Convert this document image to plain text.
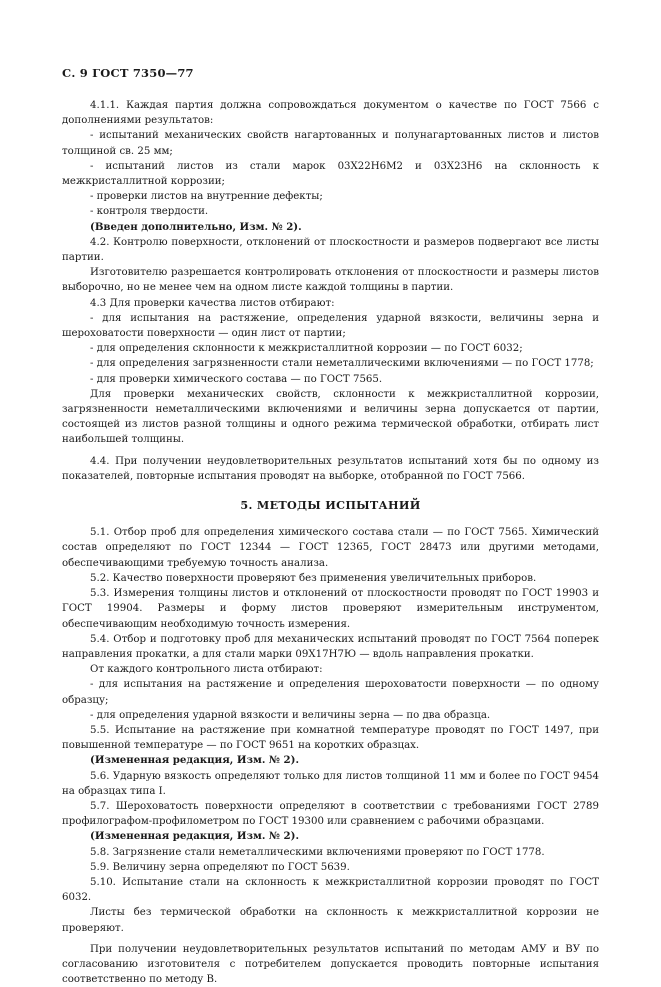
С. 9 ГОСТ 7350—77

4.1.1. Каждая партия должна сопровождаться документом о качестве по ГОСТ 7566 с дополнениями результатов:

- испытаний механических свойств нагартованных и полунагартованных листов и листов толщиной св. 25 мм;

- испытаний листов из стали марок 03Х22Н6М2 и 03Х23Н6 на склонность к межкристаллитной коррозии;

- проверки листов на внутренние дефекты;

- контроля твердости.

(Введен дополнительно, Изм. № 2).

4.2. Контролю поверхности, отклонений от плоскостности и размеров подвергают все листы партии.

Изготовителю разрешается контролировать отклонения от плоскостности и размеры листов выборочно, но не менее чем на одном листе каждой толщины в партии.

4.3 Для проверки качества листов отбирают:

- для испытания на растяжение, определения ударной вязкости, величины зерна и шероховатости поверхности — один лист от партии;

- для определения склонности к межкристаллитной коррозии — по ГОСТ 6032;

- для определения загрязненности стали неметаллическими включениями — по ГОСТ 1778;

- для проверки химического состава — по ГОСТ 7565.

Для проверки механических свойств, склонности к межкристаллитной коррозии, загрязненности неметаллическими включениями и величины зерна допускается от партии, состоящей из листов разной толщины и одного режима термической обработки, отбирать лист наибольшей толщины.

4.4. При получении неудовлетворительных результатов испытаний хотя бы по одному из показателей, повторные испытания проводят на выборке, отобранной по ГОСТ 7566.

5. МЕТОДЫ ИСПЫТАНИЙ

5.1. Отбор проб для определения химического состава стали — по ГОСТ 7565. Химический состав определяют по ГОСТ 12344 — ГОСТ 12365, ГОСТ 28473 или другими методами, обеспечивающими требуемую точность анализа.

5.2. Качество поверхности проверяют без применения увеличительных приборов.

5.3. Измерения толщины листов и отклонений от плоскостности проводят по ГОСТ 19903 и ГОСТ 19904. Размеры и форму листов проверяют измерительным инструментом, обеспечивающим необходимую точность измерения.

5.4. Отбор и подготовку проб для механических испытаний проводят по ГОСТ 7564 поперек направления прокатки, а для стали марки 09Х17Н7Ю — вдоль направления прокатки.

От каждого контрольного листа отбирают:

- для испытания на растяжение и определения шероховатости поверхности — по одному образцу;

- для определения ударной вязкости и величины зерна — по два образца.

5.5. Испытание на растяжение при комнатной температуре проводят по ГОСТ 1497, при повышенной температуре — по ГОСТ 9651 на коротких образцах.

(Измененная редакция, Изм. № 2).

5.6. Ударную вязкость определяют только для листов толщиной 11 мм и более по ГОСТ 9454 на образцах типа I.

5.7. Шероховатость поверхности определяют в соответствии с требованиями ГОСТ 2789 профилографом-профилометром по ГОСТ 19300 или сравнением с рабочими образцами.

(Измененная редакция, Изм. № 2).

5.8. Загрязнение стали неметаллическими включениями проверяют по ГОСТ 1778.

5.9. Величину зерна определяют по ГОСТ 5639.

5.10. Испытание стали на склонность к межкристаллитной коррозии проводят по ГОСТ 6032.

Листы без термической обработки на склонность к межкристаллитной коррозии не проверяют.

При получении неудовлетворительных результатов испытаний по методам АМУ и ВУ по согласованию изготовителя с потребителем допускается проводить повторные испытания соответственно по методу В.
